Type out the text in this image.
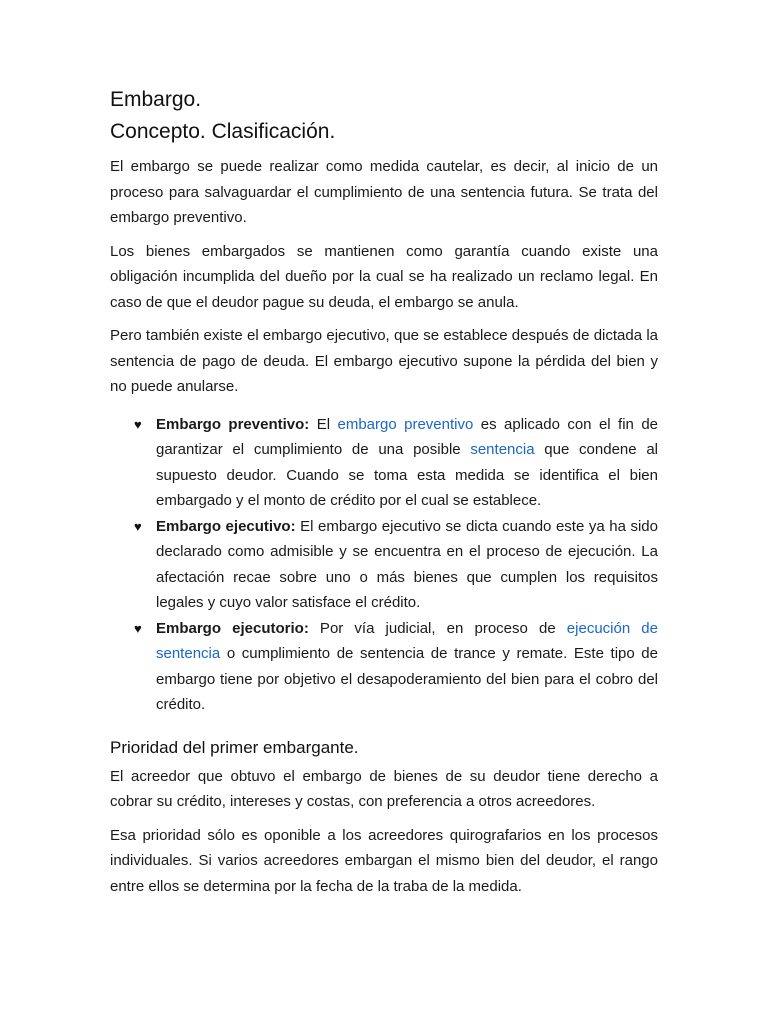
Embargo.
Concepto. Clasificación.

El embargo se puede realizar como medida cautelar, es decir, al inicio de un proceso para salvaguardar el cumplimiento de una sentencia futura. Se trata del embargo preventivo.

Los bienes embargados se mantienen como garantía cuando existe una obligación incumplida del dueño por la cual se ha realizado un reclamo legal. En caso de que el deudor pague su deuda, el embargo se anula.

Pero también existe el embargo ejecutivo, que se establece después de dictada la sentencia de pago de deuda. El embargo ejecutivo supone la pérdida del bien y no puede anularse.

♥ Embargo preventivo: El embargo preventivo es aplicado con el fin de garantizar el cumplimiento de una posible sentencia que condene al supuesto deudor. Cuando se toma esta medida se identifica el bien embargado y el monto de crédito por el cual se establece.
♥ Embargo ejecutivo: El embargo ejecutivo se dicta cuando este ya ha sido declarado como admisible y se encuentra en el proceso de ejecución. La afectación recae sobre uno o más bienes que cumplen los requisitos legales y cuyo valor satisface el crédito.
♥ Embargo ejecutorio: Por vía judicial, en proceso de ejecución de sentencia o cumplimiento de sentencia de trance y remate. Este tipo de embargo tiene por objetivo el desapoderamiento del bien para el cobro del crédito.
Prioridad del primer embargante.

El acreedor que obtuvo el embargo de bienes de su deudor tiene derecho a cobrar su crédito, intereses y costas, con preferencia a otros acreedores.

Esa prioridad sólo es oponible a los acreedores quirografarios en los procesos individuales. Si varios acreedores embargan el mismo bien del deudor, el rango entre ellos se determina por la fecha de la traba de la medida.
